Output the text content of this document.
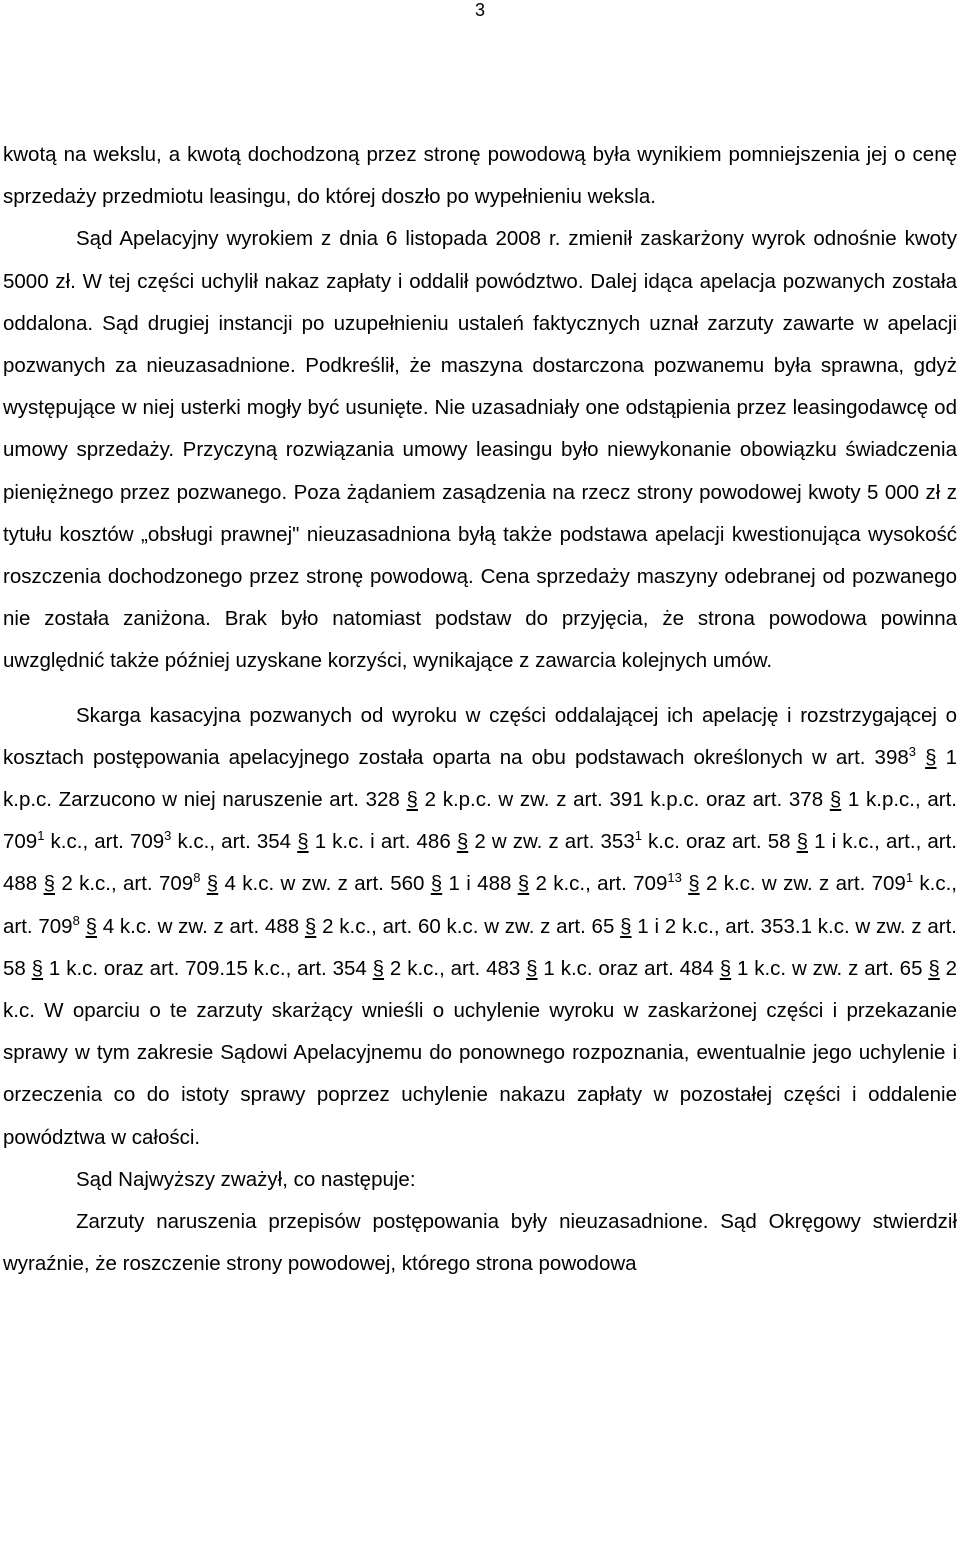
3

kwotą na wekslu, a kwotą dochodzoną przez stronę powodową była wynikiem pomniejszenia jej o cenę sprzedaży przedmiotu leasingu, do której doszło po wypełnieniu weksla.

Sąd Apelacyjny wyrokiem z dnia 6 listopada 2008 r. zmienił zaskarżony wyrok odnośnie kwoty 5000 zł. W tej części uchylił nakaz zapłaty i oddalił powództwo. Dalej idąca apelacja pozwanych została oddalona. Sąd drugiej instancji po uzupełnieniu ustaleń faktycznych uznał zarzuty zawarte w apelacji pozwanych za nieuzasadnione. Podkreślił, że maszyna dostarczona pozwanemu była sprawna, gdyż występujące w niej usterki mogły być usunięte. Nie uzasadniały one odstąpienia przez leasingodawcę od umowy sprzedaży. Przyczyną rozwiązania umowy leasingu było niewykonanie obowiązku świadczenia pieniężnego przez pozwanego. Poza żądaniem zasądzenia na rzecz strony powodowej kwoty 5 000 zł z tytułu kosztów „obsługi prawnej" nieuzasadniona byłą także podstawa apelacji kwestionująca wysokość roszczenia dochodzonego przez stronę powodową. Cena sprzedaży maszyny odebranej od pozwanego nie została zaniżona. Brak było natomiast podstaw do przyjęcia, że strona powodowa powinna uwzględnić także później uzyskane korzyści, wynikające z zawarcia kolejnych umów.

Skarga kasacyjna pozwanych od wyroku w części oddalającej ich apelację i rozstrzygającej o kosztach postępowania apelacyjnego została oparta na obu podstawach określonych w art. $398^3$ § 1 k.p.c. Zarzucono w niej naruszenie art. 328 § 2 k.p.c. w zw. z art. 391 k.p.c. oraz art. 378 § 1 k.p.c., art. $709^1$ k.c., art. $709^3$ k.c., art. 354 § 1 k.c. i art. 486 § 2 w zw. z art. $353^1$ k.c. oraz art. 58 § 1 i k.c., art., art. 488 § 2 k.c., art. $709^8$ § 4 k.c. w zw. z art. 560 § 1 i 488 § 2 k.c., art. $709^{13}$ § 2 k.c. w zw. z art. $709^1$ k.c., art. $709^8$ § 4 k.c. w zw. z art. 488 § 2 k.c., art. 60 k.c. w zw. z art. 65 § 1 i 2 k.c., art. 353.1 k.c. w zw. z art. 58 § 1 k.c. oraz art. 709.15 k.c., art. 354 § 2 k.c., art. 483 § 1 k.c. oraz art. 484 § 1 k.c. w zw. z art. 65 § 2 k.c. W oparciu o te zarzuty skarżący wnieśli o uchylenie wyroku w zaskarżonej części i przekazanie sprawy w tym zakresie Sądowi Apelacyjnemu do ponownego rozpoznania, ewentualnie jego uchylenie i orzeczenia co do istoty sprawy poprzez uchylenie nakazu zapłaty w pozostałej części i oddalenie powództwa w całości.

Sąd Najwyższy zważył, co następuje:

Zarzuty naruszenia przepisów postępowania były nieuzasadnione. Sąd Okręgowy stwierdził wyraźnie, że roszczenie strony powodowej, którego strona powodowa
